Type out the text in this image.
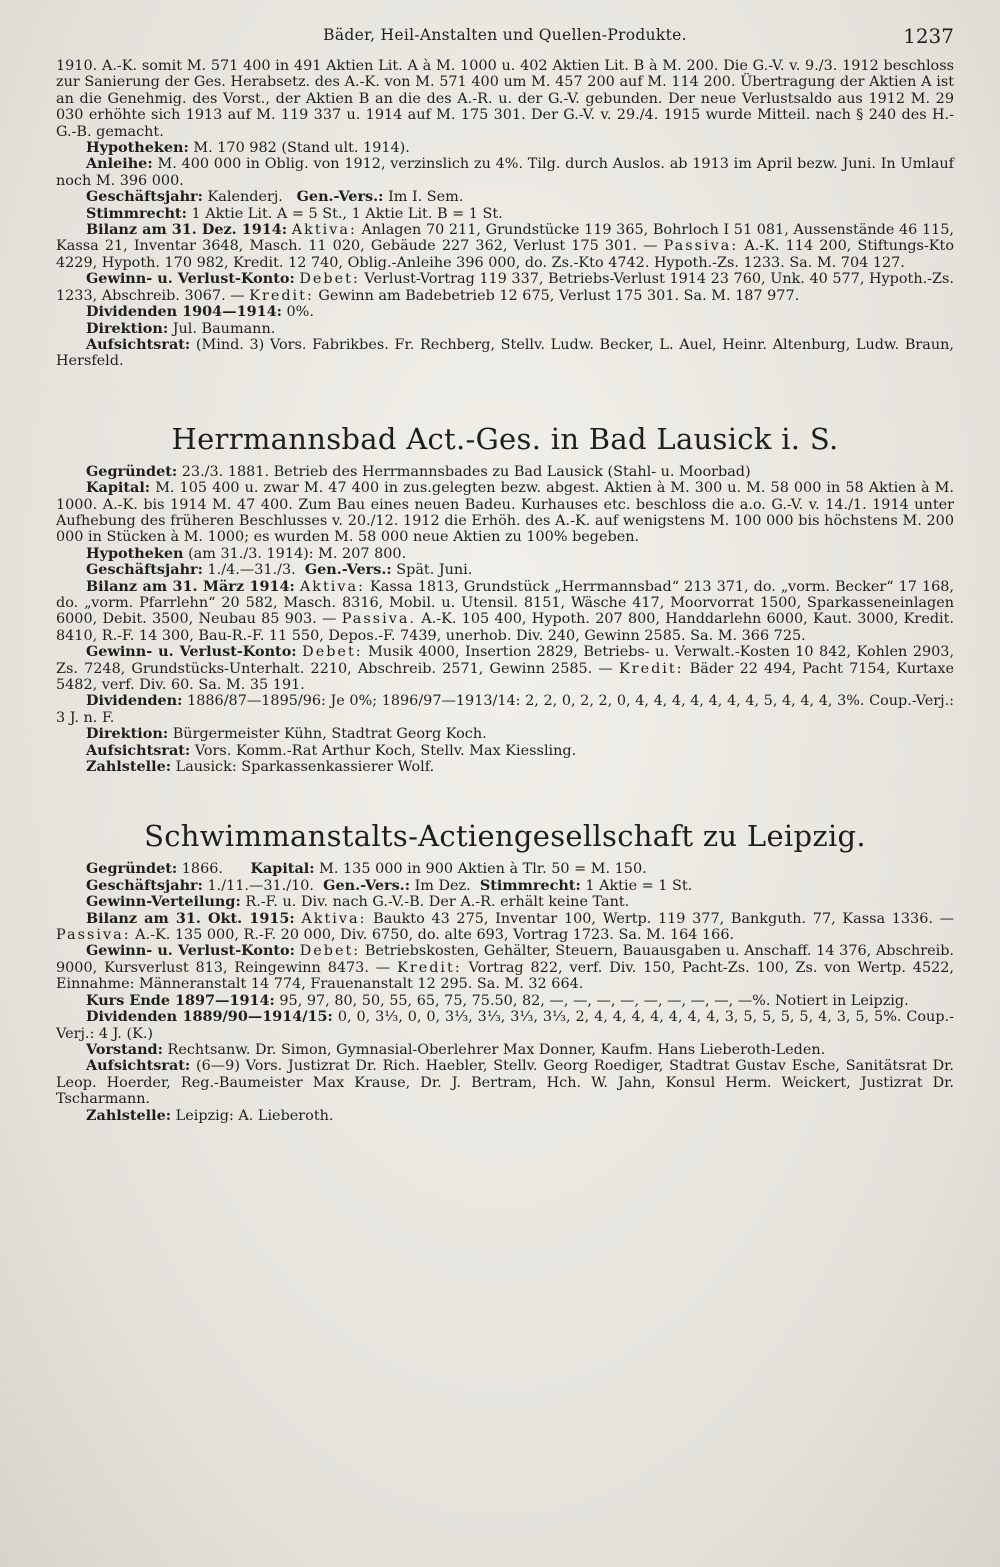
Bäder, Heil-Anstalten und Quellen-Produkte.	1237

1910. A.-K. somit M. 571 400 in 491 Aktien Lit. A à M. 1000 u. 402 Aktien Lit. B à M. 200. Die G.-V. v. 9./3. 1912 beschloss zur Sanierung der Ges. Herabsetz. des A.-K. von M. 571 400 um M. 457 200 auf M. 114 200. Übertragung der Aktien A ist an die Genehmig. des Vorst., der Aktien B an die des A.-R. u. der G.-V. gebunden. Der neue Verlustsaldo aus 1912 M. 29 030 erhöhte sich 1913 auf M. 119 337 u. 1914 auf M. 175 301. Der G.-V. v. 29./4. 1915 wurde Mitteil. nach § 240 des H.-G.-B. gemacht.

Hypotheken: M. 170 982 (Stand ult. 1914).

Anleihe: M. 400 000 in Oblig. von 1912, verzinslich zu 4%. Tilg. durch Auslos. ab 1913 im April bezw. Juni. In Umlauf noch M. 396 000.

Geschäftsjahr: Kalenderj. Gen.-Vers.: Im I. Sem.

Stimmrecht: 1 Aktie Lit. A = 5 St., 1 Aktie Lit. B = 1 St.

Bilanz am 31. Dez. 1914: Aktiva: Anlagen 70 211, Grundstücke 119 365, Bohrloch I 51 081, Aussenstände 46 115, Kassa 21, Inventar 3648, Masch. 11 020, Gebäude 227 362, Verlust 175 301. — Passiva: A.-K. 114 200, Stiftungs-Kto 4229, Hypoth. 170 982, Kredit. 12 740, Oblig.-Anleihe 396 000, do. Zs.-Kto 4742. Hypoth.-Zs. 1233. Sa. M. 704 127.

Gewinn- u. Verlust-Konto: Debet: Verlust-Vortrag 119 337, Betriebs-Verlust 1914 23 760, Unk. 40 577, Hypoth.-Zs. 1233, Abschreib. 3067. — Kredit: Gewinn am Badebetrieb 12 675, Verlust 175 301. Sa. M. 187 977.

Dividenden 1904—1914: 0%.

Direktion: Jul. Baumann.

Aufsichtsrat: (Mind. 3) Vors. Fabrikbes. Fr. Rechberg, Stellv. Ludw. Becker, L. Auel, Heinr. Altenburg, Ludw. Braun, Hersfeld.

Herrmannsbad Act.-Ges. in Bad Lausick i. S.

Gegründet: 23./3. 1881. Betrieb des Herrmannsbades zu Bad Lausick (Stahl- u. Moorbad)

Kapital: M. 105 400 u. zwar M. 47 400 in zus.gelegten bezw. abgest. Aktien à M. 300 u. M. 58 000 in 58 Aktien à M. 1000. A.-K. bis 1914 M. 47 400. Zum Bau eines neuen Badeu. Kurhauses etc. beschloss die a.o. G.-V. v. 14./1. 1914 unter Aufhebung des früheren Beschlusses v. 20./12. 1912 die Erhöh. des A.-K. auf wenigstens M. 100 000 bis höchstens M. 200 000 in Stücken à M. 1000; es wurden M. 58 000 neue Aktien zu 100% begeben.

Hypotheken (am 31./3. 1914): M. 207 800.

Geschäftsjahr: 1./4.—31./3. Gen.-Vers.: Spät. Juni.

Bilanz am 31. März 1914: Aktiva: Kassa 1813, Grundstück „Herrmannsbad“ 213 371, do. „vorm. Becker“ 17 168, do. „vorm. Pfarrlehn“ 20 582, Masch. 8316, Mobil. u. Utensil. 8151, Wäsche 417, Moorvorrat 1500, Sparkasseneinlagen 6000, Debit. 3500, Neubau 85 903. — Passiva. A.-K. 105 400, Hypoth. 207 800, Handdarlehn 6000, Kaut. 3000, Kredit. 8410, R.-F. 14 300, Bau-R.-F. 11 550, Depos.-F. 7439, unerhob. Div. 240, Gewinn 2585. Sa. M. 366 725.

Gewinn- u. Verlust-Konto: Debet: Musik 4000, Insertion 2829, Betriebs- u. Verwalt.-Kosten 10 842, Kohlen 2903, Zs. 7248, Grundstücks-Unterhalt. 2210, Abschreib. 2571, Gewinn 2585. — Kredit: Bäder 22 494, Pacht 7154, Kurtaxe 5482, verf. Div. 60. Sa. M. 35 191.

Dividenden: 1886/87—1895/96: Je 0%; 1896/97—1913/14: 2, 2, 0, 2, 2, 0, 4, 4, 4, 4, 4, 4, 4, 5, 4, 4, 4, 3%. Coup.-Verj.: 3 J. n. F.

Direktion: Bürgermeister Kühn, Stadtrat Georg Koch.

Aufsichtsrat: Vors. Komm.-Rat Arthur Koch, Stellv. Max Kiessling.

Zahlstelle: Lausick: Sparkassenkassierer Wolf.

Schwimmanstalts-Actiengesellschaft zu Leipzig.

Gegründet: 1866. Kapital: M. 135 000 in 900 Aktien à Tlr. 50 = M. 150.

Geschäftsjahr: 1./11.—31./10. Gen.-Vers.: Im Dez. Stimmrecht: 1 Aktie = 1 St.

Gewinn-Verteilung: R.-F. u. Div. nach G.-V.-B. Der A.-R. erhält keine Tant.

Bilanz am 31. Okt. 1915: Aktiva: Baukto 43 275, Inventar 100, Wertp. 119 377, Bankguth. 77, Kassa 1336. — Passiva: A.-K. 135 000, R.-F. 20 000, Div. 6750, do. alte 693, Vortrag 1723. Sa. M. 164 166.

Gewinn- u. Verlust-Konto: Debet: Betriebskosten, Gehälter, Steuern, Bauausgaben u. Anschaff. 14 376, Abschreib. 9000, Kursverlust 813, Reingewinn 8473. — Kredit: Vortrag 822, verf. Div. 150, Pacht-Zs. 100, Zs. von Wertp. 4522, Einnahme: Männeranstalt 14 774, Frauenanstalt 12 295. Sa. M. 32 664.

Kurs Ende 1897—1914: 95, 97, 80, 50, 55, 65, 75, 75.50, 82, —, —, —, —, —, —, —, —, —%. Notiert in Leipzig.

Dividenden 1889/90—1914/15: 0, 0, 3⅓, 0, 0, 3⅓, 3⅓, 3⅓, 3⅓, 2, 4, 4, 4, 4, 4, 4, 4, 3, 5, 5, 5, 5, 4, 3, 5, 5%. Coup.-Verj.: 4 J. (K.)

Vorstand: Rechtsanw. Dr. Simon, Gymnasial-Oberlehrer Max Donner, Kaufm. Hans Lieberoth-Leden.

Aufsichtsrat: (6—9) Vors. Justizrat Dr. Rich. Haebler, Stellv. Georg Roediger, Stadtrat Gustav Esche, Sanitätsrat Dr. Leop. Hoerder, Reg.-Baumeister Max Krause, Dr. J. Bertram, Hch. W. Jahn, Konsul Herm. Weickert, Justizrat Dr. Tscharmann.

Zahlstelle: Leipzig: A. Lieberoth.
